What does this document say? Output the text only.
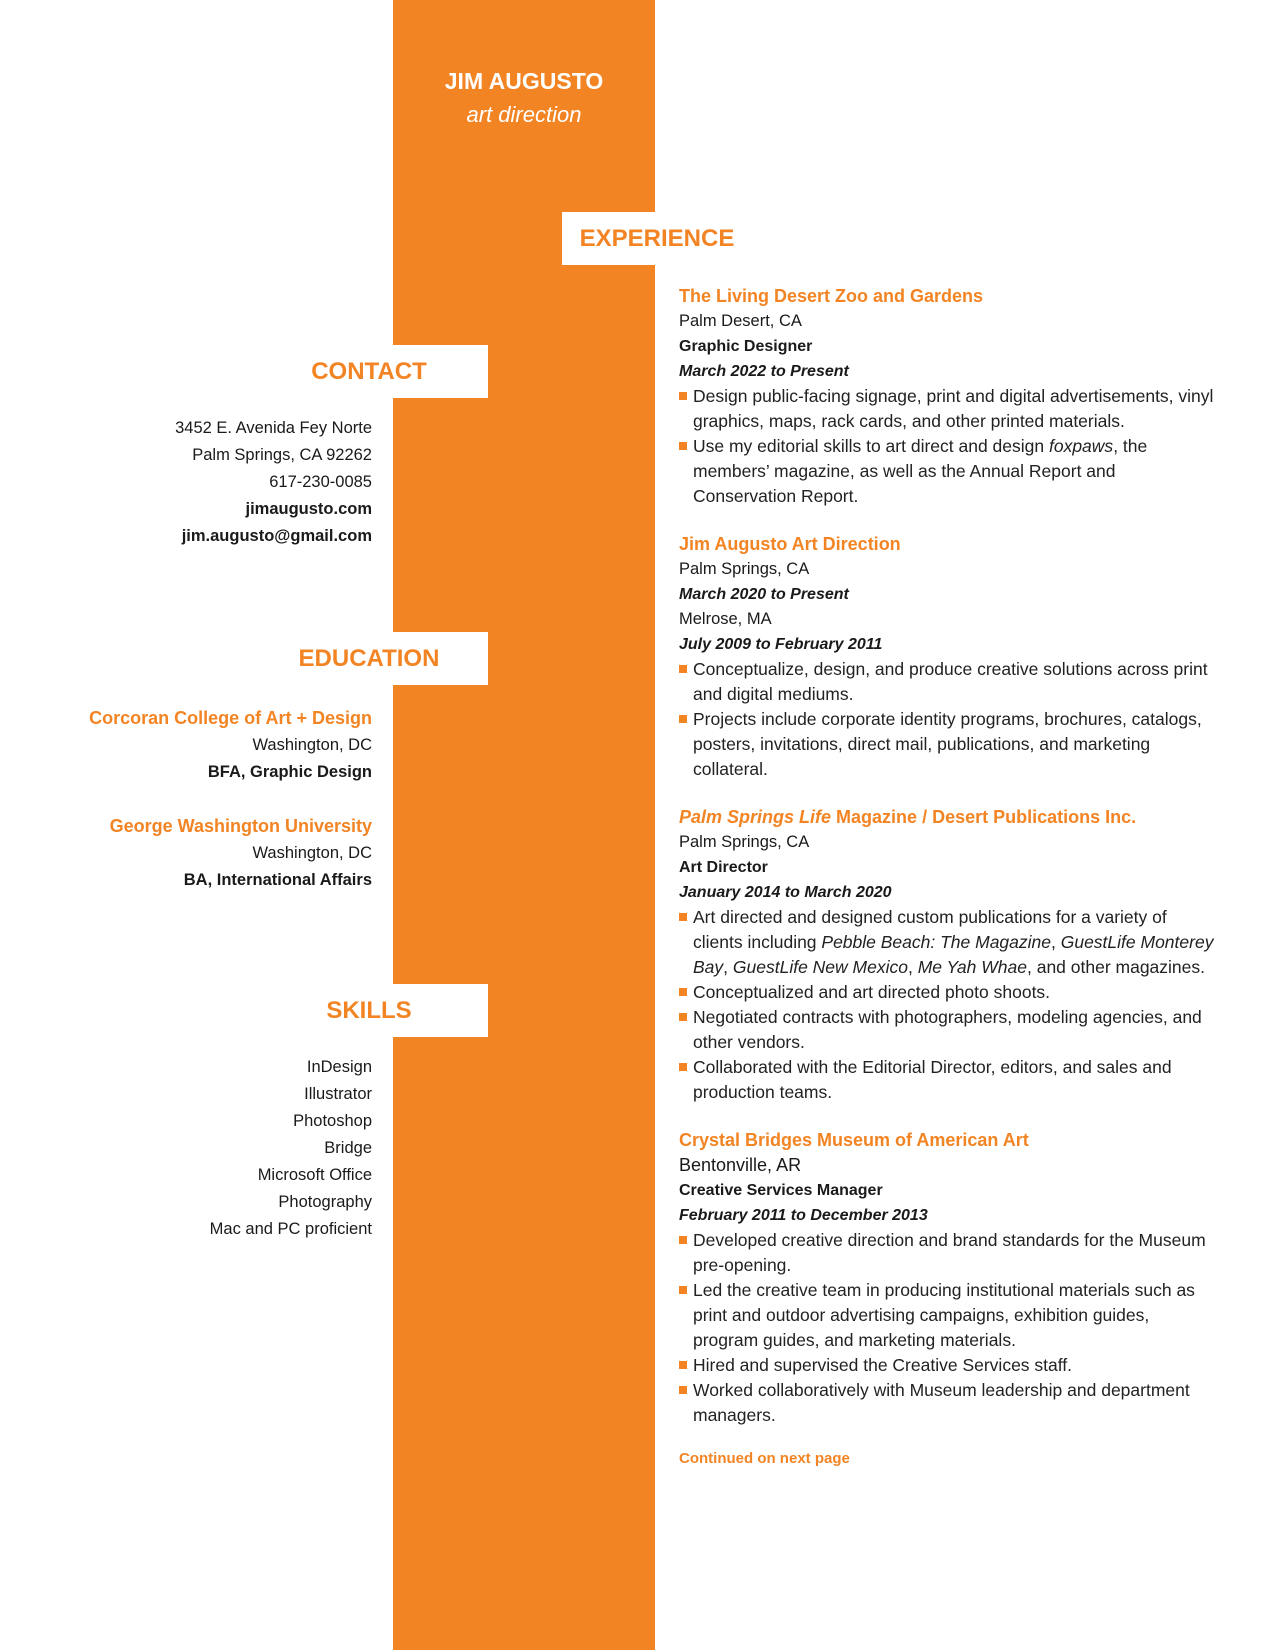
JIM AUGUSTO
art direction
EXPERIENCE
CONTACT
EDUCATION
SKILLS
3452 E. Avenida Fey Norte
Palm Springs, CA 92262
617-230-0085
jimaugusto.com
jim.augusto@gmail.com
Corcoran College of Art + Design
Washington, DC
BFA, Graphic Design
George Washington University
Washington, DC
BA, International Affairs
InDesign
Illustrator
Photoshop
Bridge
Microsoft Office
Photography
Mac and PC proficient
The Living Desert Zoo and Gardens
Palm Desert, CA
Graphic Designer
March 2022 to Present
Design public-facing signage, print and digital advertisements, vinyl graphics, maps, rack cards, and other printed materials.
Use my editorial skills to art direct and design foxpaws, the members’ magazine, as well as the Annual Report and Conservation Report.
Jim Augusto Art Direction
Palm Springs, CA
March 2020 to Present
Melrose, MA
July 2009 to February 2011
Conceptualize, design, and produce creative solutions across print and digital mediums.
Projects include corporate identity programs, brochures, catalogs, posters, invitations, direct mail, publications, and marketing collateral.
Palm Springs Life Magazine / Desert Publications Inc.
Palm Springs, CA
Art Director
January 2014 to March 2020
Art directed and designed custom publications for a variety of clients including Pebble Beach: The Magazine, GuestLife Monterey Bay, GuestLife New Mexico, Me Yah Whae, and other magazines.
Conceptualized and art directed photo shoots.
Negotiated contracts with photographers, modeling agencies, and other vendors.
Collaborated with the Editorial Director, editors, and sales and production teams.
Crystal Bridges Museum of American Art
Bentonville, AR
Creative Services Manager
February 2011 to December 2013
Developed creative direction and brand standards for the Museum pre-opening.
Led the creative team in producing institutional materials such as print and outdoor advertising campaigns, exhibition guides, program guides, and marketing materials.
Hired and supervised the Creative Services staff.
Worked collaboratively with Museum leadership and department managers.
Continued on next page
